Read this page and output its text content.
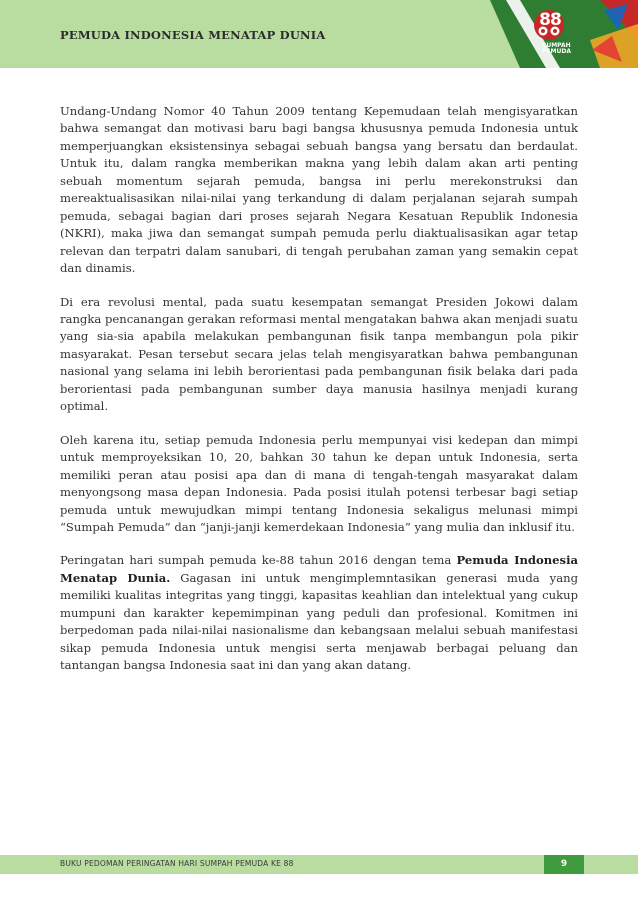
PEMUDA INDONESIA MENATAP DUNIA
88
SUMPAH
PEMUDA

Undang-Undang Nomor 40 Tahun 2009 tentang Kepemudaan telah mengisyaratkan bahwa semangat dan motivasi baru bagi bangsa khususnya pemuda Indonesia untuk memperjuangkan eksistensinya sebagai sebuah bangsa yang bersatu dan berdaulat. Untuk itu, dalam rangka memberikan makna yang lebih dalam akan arti penting sebuah momentum sejarah pemuda, bangsa ini perlu merekonstruksi dan mereaktualisasikan nilai-nilai yang terkandung di dalam perjalanan sejarah sumpah pemuda, sebagai bagian dari proses sejarah Negara Kesatuan Republik Indonesia (NKRI), maka jiwa dan semangat sumpah pemuda perlu diaktualisasikan agar tetap relevan dan terpatri dalam sanubari, di tengah perubahan zaman yang semakin cepat dan dinamis.

Di era revolusi mental, pada suatu kesempatan semangat Presiden Jokowi dalam rangka pencanangan gerakan reformasi mental mengatakan bahwa akan menjadi suatu yang sia-sia apabila melakukan pembangunan fisik tanpa membangun pola pikir masyarakat. Pesan tersebut secara jelas telah mengisyaratkan bahwa pembangunan nasional yang selama ini lebih berorientasi pada pembangunan fisik belaka dari pada berorientasi pada pembangunan sumber daya manusia hasilnya menjadi kurang optimal.

Oleh karena itu, setiap pemuda Indonesia perlu mempunyai visi kedepan dan mimpi untuk memproyeksikan 10, 20, bahkan 30 tahun ke depan untuk Indonesia, serta memiliki peran atau posisi apa dan di mana di tengah-tengah masyarakat dalam menyongsong masa depan Indonesia. Pada posisi itulah potensi terbesar bagi setiap pemuda untuk mewujudkan mimpi tentang Indonesia sekaligus melunasi mimpi “Sumpah Pemuda” dan “janji-janji kemerdekaan Indonesia” yang mulia dan inklusif itu.

Peringatan hari sumpah pemuda ke-88 tahun 2016 dengan tema Pemuda Indonesia Menatap Dunia. Gagasan ini untuk mengimplemntasikan generasi muda yang memiliki kualitas integritas yang tinggi, kapasitas keahlian dan intelektual yang cukup mumpuni dan karakter kepemimpinan yang peduli dan profesional. Komitmen ini berpedoman pada nilai-nilai nasionalisme dan kebangsaan melalui sebuah manifestasi sikap pemuda Indonesia untuk mengisi serta menjawab berbagai peluang dan tantangan bangsa Indonesia saat ini dan yang akan datang.

BUKU PEDOMAN PERINGATAN HARI SUMPAH PEMUDA KE 88	9
